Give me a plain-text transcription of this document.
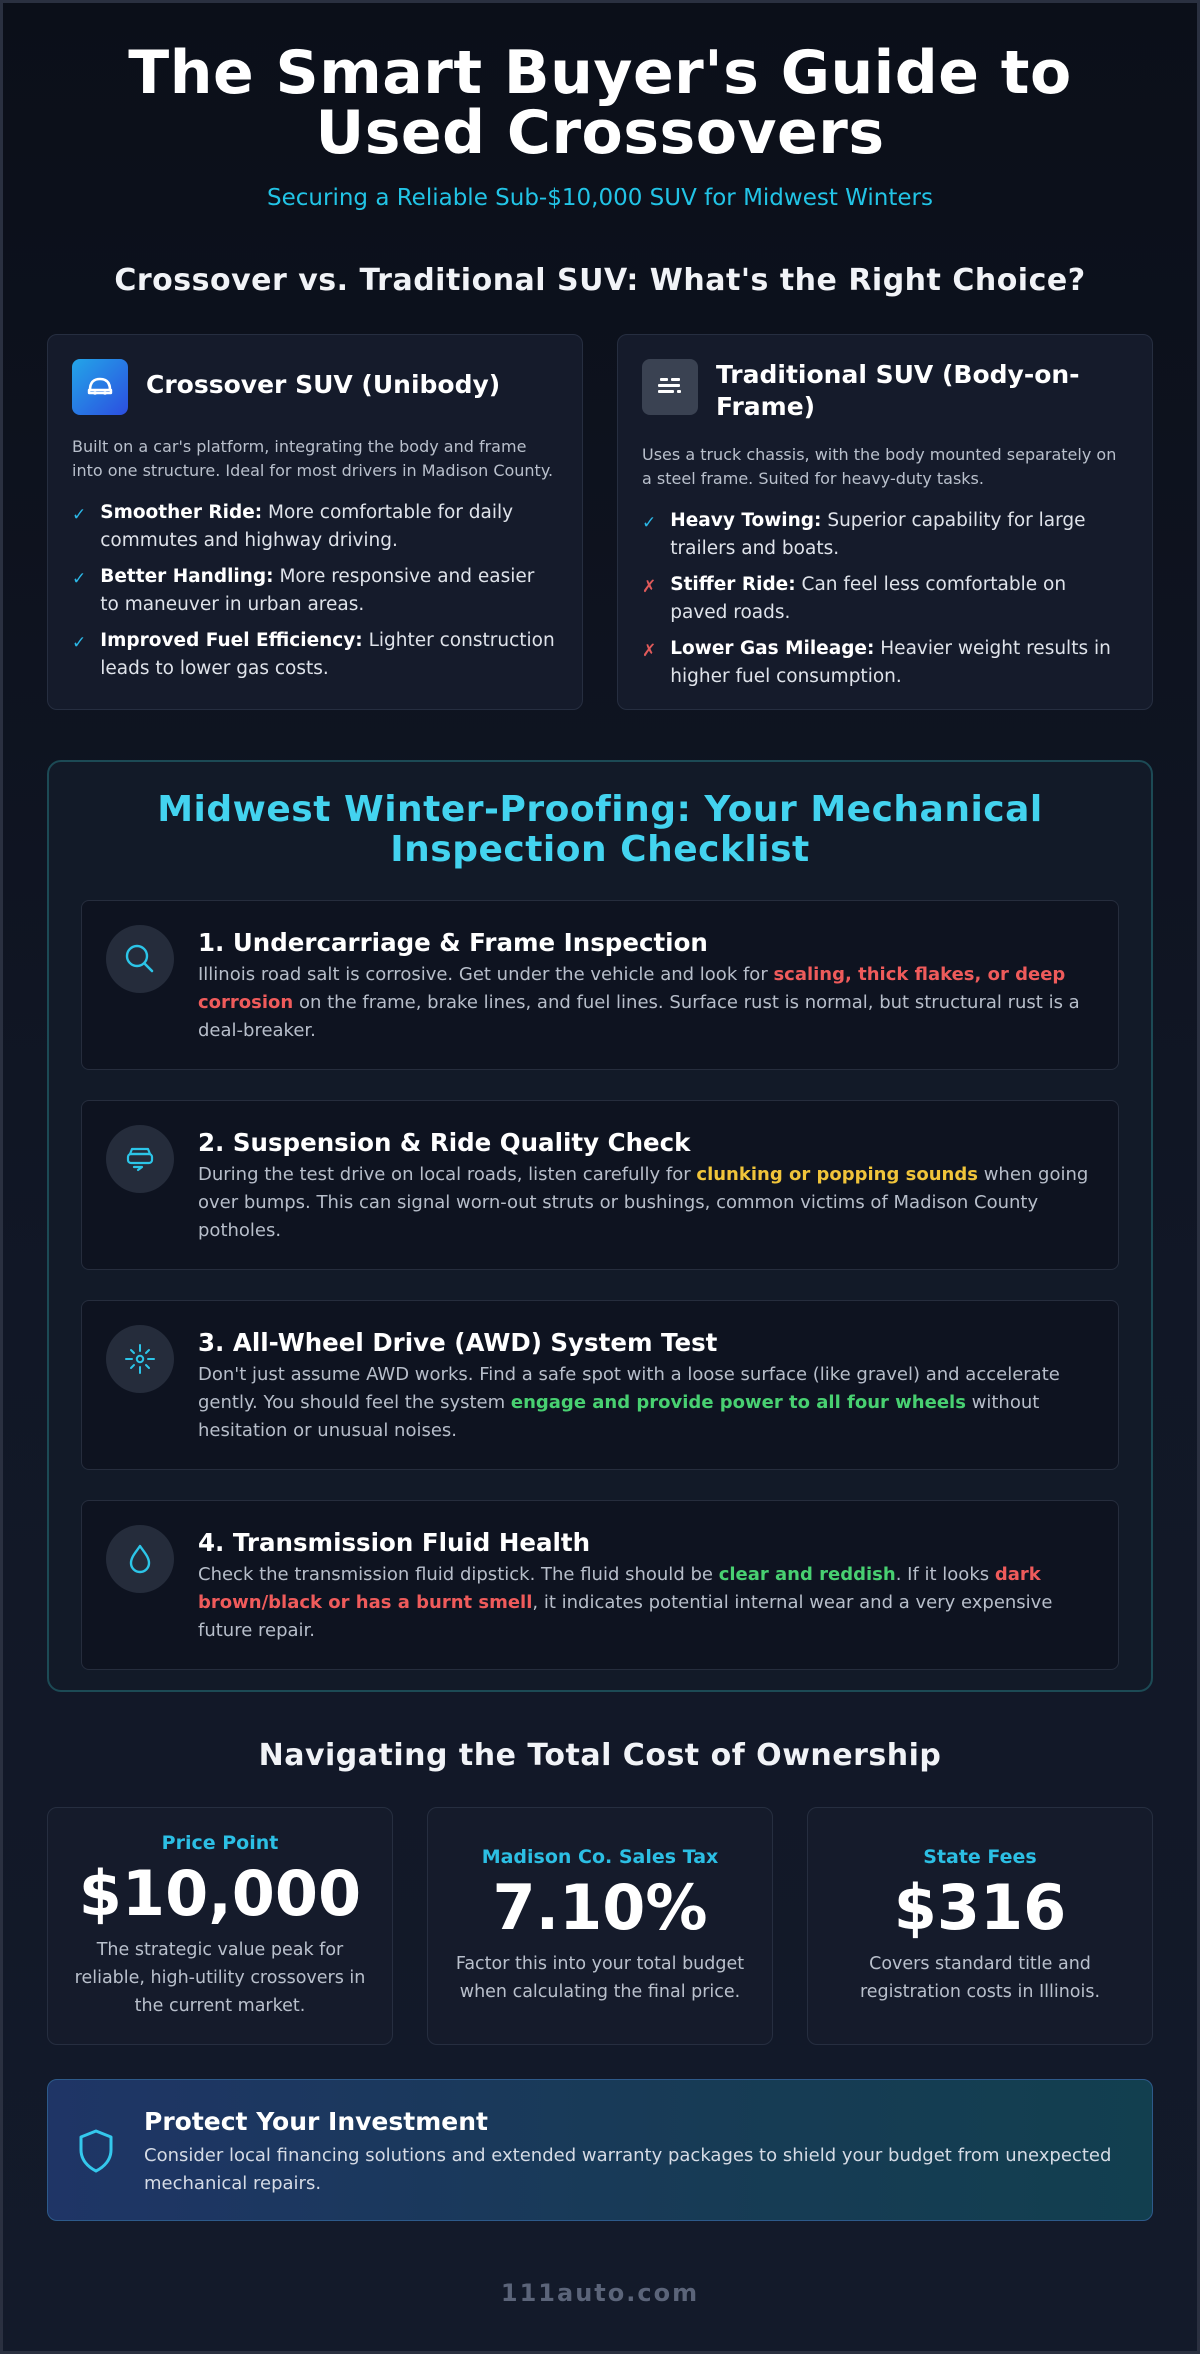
The Smart Buyer's Guide to Used Crossovers
Securing a Reliable Sub-$10,000 SUV for Midwest Winters
Crossover vs. Traditional SUV: What's the Right Choice?
Crossover SUV (Unibody)

Built on a car's platform, integrating the body and frame into one structure. Ideal for most drivers in Madison County.

✓ Smoother Ride: More comfortable for daily commutes and highway driving.
✓ Better Handling: More responsive and easier to maneuver in urban areas.
✓ Improved Fuel Efficiency: Lighter construction leads to lower gas costs.
Traditional SUV (Body-on-Frame)

Uses a truck chassis, with the body mounted separately on a steel frame. Suited for heavy-duty tasks.

✓ Heavy Towing: Superior capability for large trailers and boats.
✗ Stiffer Ride: Can feel less comfortable on paved roads.
✗ Lower Gas Mileage: Heavier weight results in higher fuel consumption.
Midwest Winter-Proofing: Your Mechanical Inspection Checklist
1. Undercarriage & Frame Inspection

Illinois road salt is corrosive. Get under the vehicle and look for scaling, thick flakes, or deep corrosion on the frame, brake lines, and fuel lines. Surface rust is normal, but structural rust is a deal-breaker.

2. Suspension & Ride Quality Check

During the test drive on local roads, listen carefully for clunking or popping sounds when going over bumps. This can signal worn-out struts or bushings, common victims of Madison County potholes.

3. All-Wheel Drive (AWD) System Test

Don't just assume AWD works. Find a safe spot with a loose surface (like gravel) and accelerate gently. You should feel the system engage and provide power to all four wheels without hesitation or unusual noises.

4. Transmission Fluid Health

Check the transmission fluid dipstick. The fluid should be clear and reddish. If it looks dark brown/black or has a burnt smell, it indicates potential internal wear and a very expensive future repair.

Navigating the Total Cost of Ownership
Price Point
$10,000
The strategic value peak for reliable, high-utility crossovers in the current market.
Madison Co. Sales Tax
7.10%
Factor this into your total budget when calculating the final price.
State Fees
$316
Covers standard title and registration costs in Illinois.
Protect Your Investment
Consider local financing solutions and extended warranty packages to shield your budget from unexpected mechanical repairs.
111auto.com
